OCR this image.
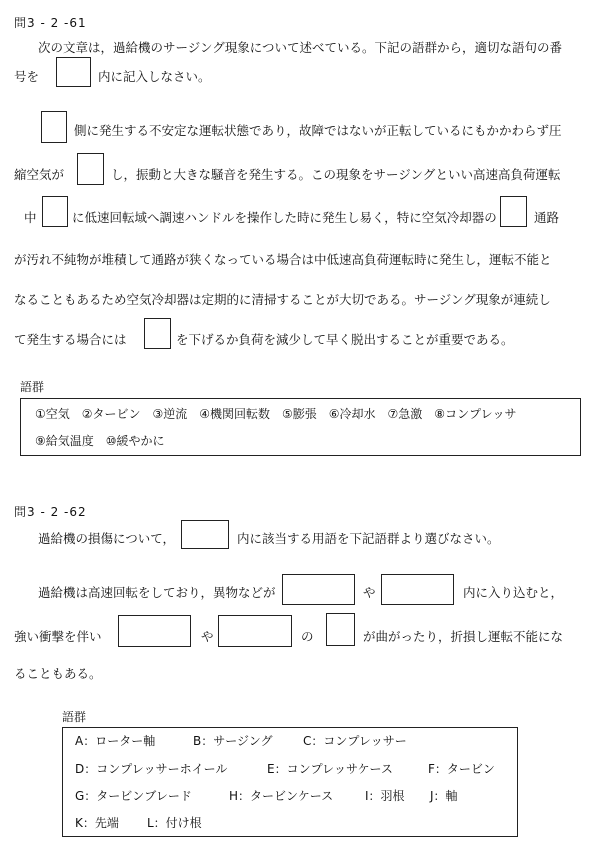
問3 - 2 -61
次の文章は，過給機のサージング現象について述べている。下記の語群から，適切な語句の番
号を	内に記入しなさい。
側に発生する不安定な運転状態であり，故障ではないが正転しているにもかかわらず圧
縮空気が	し，振動と大きな騒音を発生する。この現象をサージングといい高速高負荷運転
中	に低速回転域へ調速ハンドルを操作した時に発生し易く，特に空気冷却器の	通路
が汚れ不純物が堆積して通路が狭くなっている場合は中低速高負荷運転時に発生し，運転不能と
なることもあるため空気冷却器は定期的に清掃することが大切である。サージング現象が連続し
て発生する場合には	を下げるか負荷を減少して早く脱出することが重要である。
語群
①空気　②タービン　③逆流　④機関回転数　⑤膨張　⑥冷却水　⑦急激　⑧コンプレッサ
⑨給気温度　⑩緩やかに
問3 - 2 -62
過給機の損傷について，	内に該当する用語を下記語群より選びなさい。
過給機は高速回転をしており，異物などが	や	内に入り込むと，
強い衝撃を伴い	や	の	が曲がったり，折損し運転不能にな
ることもある。
語群
A：ローター軸	B：サージング	C：コンプレッサー
D：コンプレッサーホイール	E：コンプレッサケース	F：タービン
G：タービンブレード	H：タービンケース	I：羽根 J：軸
K：先端 L：付け根
